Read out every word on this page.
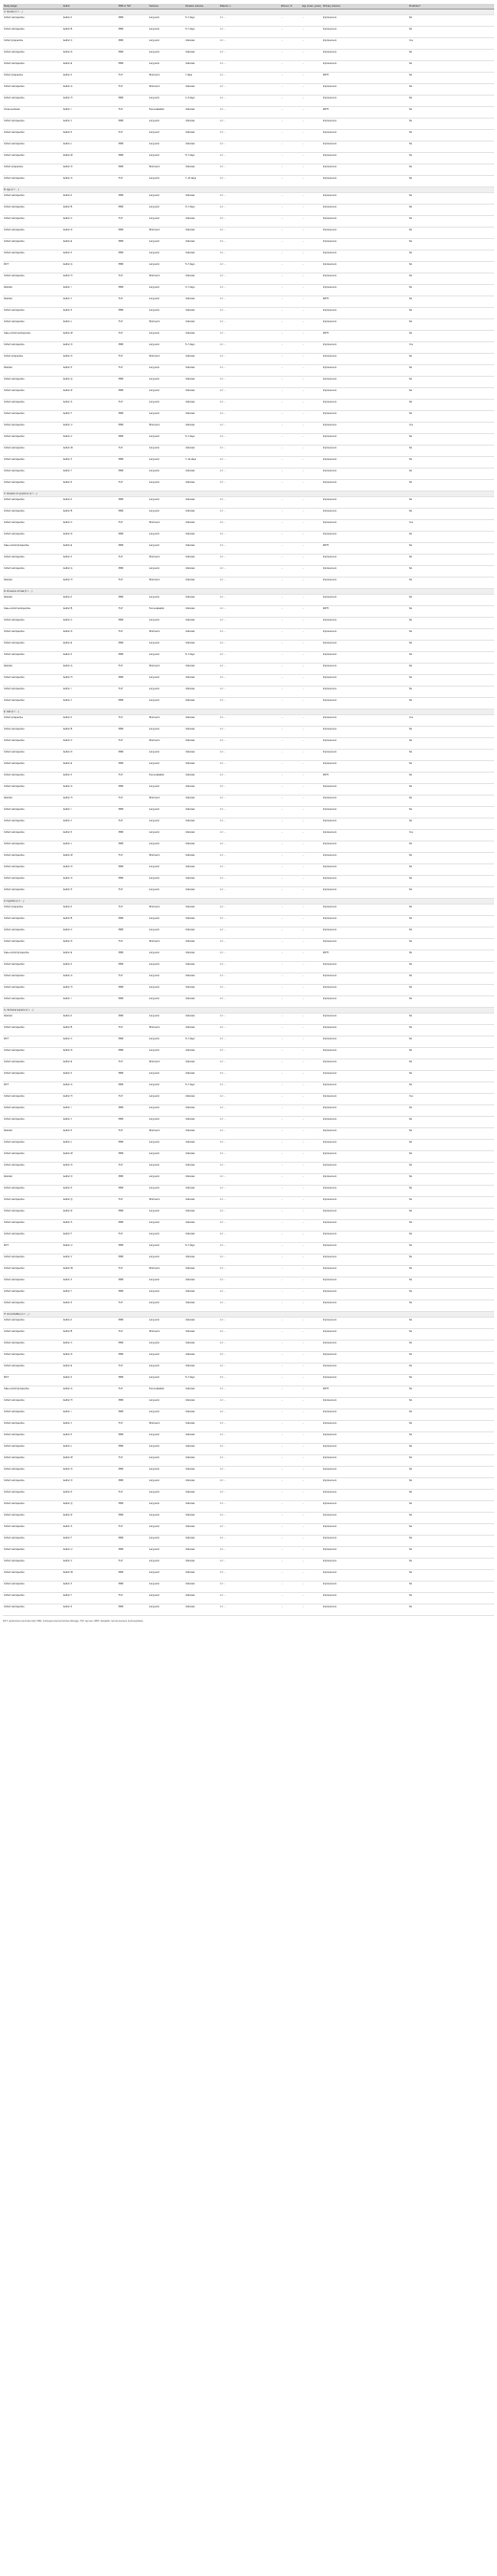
Study design	Author	PRR or TLP	Outcome	Duration outcome	Patients, n	Women, %	Age (mean, years)	Primary outcome	Predictive?
A. Gender (n = …)									
Cohort retrospective	Author A	PRR	Long-term	5–7 days	n = …	…	…	Improvement	No
Cohort retrospective	Author B	PRR	Long-term	5–7 days	n = …	…	…	Improvement	No
Cohort prospective	Author C	PRR	Long-term	Unknown	n = …	…	…	Improvement	Yes
Cohort retrospective	Author D	PRR	Long-term	Unknown	n = …	…	…	Improvement	No
Cohort retrospective	Author E	PRR	Long-term	Unknown	n = …	…	…	Improvement	No
Cohort prospective	Author F	TLP	Short-term	7 days	n = …	…	…	iNPH	No
Cohort retrospective	Author G	TLP	Short-term	Unknown	n = …	…	…	Improvement	No
Cohort retrospective	Author H	PRR	Long-term	1–3 days	n = …	…	…	Improvement	No
Cross-sectional	Author I	TLP	Test evaluation	Unknown	n = …	…	…	iNPH	No
Cohort retrospective	Author J	PRR	Long-term	Unknown	n = …	…	…	Improvement	No
Cohort retrospective	Author K	TLP	Long-term	Unknown	n = …	…	…	Improvement	No
Cohort retrospective	Author L	PRR	Long-term	Unknown	n = …	…	…	Improvement	No
Cohort retrospective	Author M	PRR	Long-term	5–7 days	n = …	…	…	Improvement	No
Cohort prospective	Author N	PRR	Short-term	Unknown	n = …	…	…	Improvement	No
Cohort retrospective	Author O	TLP	Long-term	7–14 days	n = …	…	…	Improvement	No
B. Age (n = …)									
Cohort retrospective	Author A	PRR	Long-term	Unknown	n = …	…	…	Improvement	No
Cohort retrospective	Author B	PRR	Long-term	5–7 days	n = …	…	…	Improvement	No
Cohort retrospective	Author C	TLP	Long-term	Unknown	n = …	…	…	Improvement	No
Cohort retrospective	Author D	PRR	Short-term	Unknown	n = …	…	…	Improvement	No
Cohort retrospective	Author E	PRR	Long-term	Unknown	n = …	…	…	Improvement	No
Cohort retrospective	Author F	PRR	Long-term	Unknown	n = …	…	…	Improvement	No
RCT	Author G	PRR	Long-term	5–7 days	n = …	…	…	Improvement	No
Cohort retrospective	Author H	TLP	Short-term	Unknown	n = …	…	…	Improvement	No
Abstract	Author I	PRR	Long-term	3–7 days	n = …	…	…	Improvement	No
Abstract	Author J	TLP	Long-term	Unknown	n = …	…	…	iNPH	No
Cohort retrospective	Author K	PRR	Long-term	Unknown	n = …	…	…	Improvement	No
Cohort retrospective	Author L	TLP	Short-term	Unknown	n = …	…	…	Improvement	No
Case-control retrospective	Author M	TLP	Long-term	Unknown	n = …	…	…	iNPH	No
Cohort retrospective	Author N	PRR	Long-term	5–7 days	n = …	…	…	Improvement	Yes
Cohort prospective	Author O	TLP	Short-term	Unknown	n = …	…	…	Improvement	No
Abstract	Author P	TLP	Long-term	Unknown	n = …	…	…	Improvement	No
Cohort retrospective	Author Q	PRR	Long-term	Unknown	n = …	…	…	Improvement	No
Cohort retrospective	Author R	PRR	Long-term	Unknown	n = …	…	…	Improvement	No
Cohort retrospective	Author S	TLP	Long-term	Unknown	n = …	…	…	Improvement	No
Cohort retrospective	Author T	PRR	Long-term	Unknown	n = …	…	…	Improvement	No
Cohort retrospective	Author U	PRR	Short-term	Unknown	n = …	…	…	Improvement	Yes
Cohort retrospective	Author V	PRR	Long-term	5–7 days	n = …	…	…	Improvement	No
Cohort retrospective	Author W	TLP	Long-term	Unknown	n = …	…	…	Improvement	No
Cohort retrospective	Author X	PRR	Long-term	7–14 days	n = …	…	…	Improvement	No
Cohort retrospective	Author Y	PRR	Long-term	Unknown	n = …	…	…	Improvement	No
Cohort retrospective	Author Z	TLP	Long-term	Unknown	n = …	…	…	Improvement	No
C. Duration of symptoms (n = …)									
Cohort retrospective	Author A	PRR	Long-term	Unknown	n = …	…	…	Improvement	No
Cohort retrospective	Author B	PRR	Long-term	Unknown	n = …	…	…	Improvement	No
Cohort retrospective	Author C	TLP	Short-term	Unknown	n = …	…	…	Improvement	Yes
Cohort retrospective	Author D	PRR	Long-term	Unknown	n = …	…	…	Improvement	No
Case-control prospective	Author E	PRR	Long-term	Unknown	n = …	…	…	iNPH	No
Cohort retrospective	Author F	TLP	Short-term	Unknown	n = …	…	…	Improvement	No
Cohort retrospective	Author G	PRR	Long-term	Unknown	n = …	…	…	Improvement	No
Abstract	Author H	TLP	Short-term	Unknown	n = …	…	…	Improvement	No
D. Presence of triad (n = …)									
Abstract	Author A	PRR	Long-term	Unknown	n = …	…	…	Improvement	No
Case-control retrospective	Author B	TLP	Test evaluation	Unknown	n = …	…	…	iNPH	No
Cohort retrospective	Author C	PRR	Long-term	Unknown	n = …	…	…	Improvement	No
Cohort retrospective	Author D	TLP	Short-term	Unknown	n = …	…	…	Improvement	No
Cohort retrospective	Author E	PRR	Long-term	Unknown	n = …	…	…	Improvement	No
Cohort retrospective	Author F	PRR	Long-term	5–7 days	n = …	…	…	Improvement	No
Abstract	Author G	TLP	Short-term	Unknown	n = …	…	…	Improvement	No
Cohort retrospective	Author H	PRR	Long-term	Unknown	n = …	…	…	Improvement	No
Cohort retrospective	Author I	TLP	Long-term	Unknown	n = …	…	…	Improvement	No
Cohort retrospective	Author J	PRR	Long-term	Unknown	n = …	…	…	Improvement	No
E. Gait (n = …)									
Cohort prospective	Author A	TLP	Short-term	Unknown	n = …	…	…	Improvement	Yes
Cohort retrospective	Author B	PRR	Long-term	Unknown	n = …	…	…	Improvement	No
Cohort retrospective	Author C	TLP	Short-term	Unknown	n = …	…	…	Improvement	No
Cohort retrospective	Author D	PRR	Long-term	Unknown	n = …	…	…	Improvement	No
Cohort retrospective	Author E	PRR	Long-term	Unknown	n = …	…	…	Improvement	No
Cohort retrospective	Author F	TLP	Test evaluation	Unknown	n = …	…	…	iNPH	No
Cohort retrospective	Author G	PRR	Long-term	Unknown	n = …	…	…	Improvement	No
Abstract	Author H	TLP	Short-term	Unknown	n = …	…	…	Improvement	No
Cohort retrospective	Author I	PRR	Long-term	Unknown	n = …	…	…	Improvement	No
Cohort retrospective	Author J	TLP	Long-term	Unknown	n = …	…	…	Improvement	No
Cohort retrospective	Author K	PRR	Long-term	Unknown	n = …	…	…	Improvement	Yes
Cohort retrospective	Author L	PRR	Long-term	Unknown	n = …	…	…	Improvement	No
Cohort retrospective	Author M	TLP	Short-term	Unknown	n = …	…	…	Improvement	No
Cohort retrospective	Author N	PRR	Long-term	Unknown	n = …	…	…	Improvement	No
Cohort retrospective	Author O	PRR	Long-term	Unknown	n = …	…	…	Improvement	No
Cohort retrospective	Author P	TLP	Long-term	Unknown	n = …	…	…	Improvement	No
F. Cognition (n = …)									
Cohort prospective	Author A	TLP	Short-term	Unknown	n = …	…	…	Improvement	No
Cohort retrospective	Author B	PRR	Long-term	Unknown	n = …	…	…	Improvement	No
Cohort retrospective	Author C	PRR	Long-term	Unknown	n = …	…	…	Improvement	No
Cohort retrospective	Author D	TLP	Short-term	Unknown	n = …	…	…	Improvement	No
Case-control prospective	Author E	PRR	Long-term	Unknown	n = …	…	…	iNPH	No
Cohort retrospective	Author F	PRR	Long-term	Unknown	n = …	…	…	Improvement	No
Cohort retrospective	Author G	TLP	Long-term	Unknown	n = …	…	…	Improvement	No
Cohort retrospective	Author H	PRR	Long-term	Unknown	n = …	…	…	Improvement	No
Cohort retrospective	Author I	PRR	Long-term	Unknown	n = …	…	…	Improvement	No
G. Technical aspects (n = …)									
Abstract	Author A	PRR	Long-term	Unknown	n = …	…	…	Improvement	No
Cohort retrospective	Author B	TLP	Short-term	Unknown	n = …	…	…	Improvement	No
RCT	Author C	PRR	Long-term	5–7 days	n = …	…	…	Improvement	No
Cohort retrospective	Author D	PRR	Long-term	Unknown	n = …	…	…	Improvement	No
Cohort retrospective	Author E	TLP	Short-term	Unknown	n = …	…	…	Improvement	No
Cohort retrospective	Author F	PRR	Long-term	Unknown	n = …	…	…	Improvement	No
RCT	Author G	PRR	Long-term	5–7 days	n = …	…	…	Improvement	No
Cohort retrospective	Author H	TLP	Long-term	Unknown	n = …	…	…	Improvement	Yes
Cohort retrospective	Author I	PRR	Long-term	Unknown	n = …	…	…	Improvement	No
Cohort retrospective	Author J	PRR	Long-term	Unknown	n = …	…	…	Improvement	No
Abstract	Author K	TLP	Short-term	Unknown	n = …	…	…	Improvement	No
Cohort retrospective	Author L	PRR	Long-term	Unknown	n = …	…	…	Improvement	No
Cohort retrospective	Author M	PRR	Long-term	Unknown	n = …	…	…	Improvement	No
Cohort retrospective	Author N	TLP	Long-term	Unknown	n = …	…	…	Improvement	No
Abstract	Author O	PRR	Long-term	Unknown	n = …	…	…	Improvement	No
Cohort retrospective	Author P	PRR	Long-term	Unknown	n = …	…	…	Improvement	No
Cohort retrospective	Author Q	TLP	Short-term	Unknown	n = …	…	…	Improvement	No
Cohort retrospective	Author R	PRR	Long-term	Unknown	n = …	…	…	Improvement	No
Cohort retrospective	Author S	PRR	Long-term	Unknown	n = …	…	…	Improvement	No
Cohort retrospective	Author T	TLP	Long-term	Unknown	n = …	…	…	Improvement	No
RCT	Author U	PRR	Long-term	5–7 days	n = …	…	…	Improvement	No
Cohort retrospective	Author V	PRR	Long-term	Unknown	n = …	…	…	Improvement	No
Cohort retrospective	Author W	TLP	Short-term	Unknown	n = …	…	…	Improvement	No
Cohort retrospective	Author X	PRR	Long-term	Unknown	n = …	…	…	Improvement	No
Cohort retrospective	Author Y	PRR	Long-term	Unknown	n = …	…	…	Improvement	No
Cohort retrospective	Author Z	TLP	Long-term	Unknown	n = …	…	…	Improvement	No
H. Comorbidities (n = …)									
Cohort retrospective	Author A	PRR	Long-term	Unknown	n = …	…	…	Improvement	No
Cohort retrospective	Author B	TLP	Short-term	Unknown	n = …	…	…	Improvement	No
Cohort retrospective	Author C	PRR	Long-term	Unknown	n = …	…	…	Improvement	No
Cohort retrospective	Author D	PRR	Long-term	Unknown	n = …	…	…	Improvement	No
Cohort retrospective	Author E	TLP	Long-term	Unknown	n = …	…	…	Improvement	No
RCT	Author F	PRR	Long-term	5–7 days	n = …	…	…	Improvement	No
Case-control prospective	Author G	TLP	Test evaluation	Unknown	n = …	…	…	iNPH	No
Cohort retrospective	Author H	PRR	Long-term	Unknown	n = …	…	…	Improvement	No
Cohort retrospective	Author I	PRR	Long-term	Unknown	n = …	…	…	Improvement	No
Cohort retrospective	Author J	TLP	Short-term	Unknown	n = …	…	…	Improvement	No
Cohort retrospective	Author K	PRR	Long-term	Unknown	n = …	…	…	Improvement	No
Cohort retrospective	Author L	PRR	Long-term	Unknown	n = …	…	…	Improvement	No
Cohort retrospective	Author M	TLP	Long-term	Unknown	n = …	…	…	Improvement	No
Cohort retrospective	Author N	PRR	Long-term	Unknown	n = …	…	…	Improvement	No
Cohort retrospective	Author O	PRR	Long-term	Unknown	n = …	…	…	Improvement	No
Cohort retrospective	Author P	TLP	Long-term	Unknown	n = …	…	…	Improvement	No
Cohort retrospective	Author Q	PRR	Long-term	Unknown	n = …	…	…	Improvement	No
Cohort retrospective	Author R	PRR	Long-term	Unknown	n = …	…	…	Improvement	No
Cohort retrospective	Author S	TLP	Long-term	Unknown	n = …	…	…	Improvement	No
Cohort retrospective	Author T	PRR	Long-term	Unknown	n = …	…	…	Improvement	No
Cohort retrospective	Author U	PRR	Long-term	Unknown	n = …	…	…	Improvement	No
Cohort retrospective	Author V	TLP	Long-term	Unknown	n = …	…	…	Improvement	No
Cohort retrospective	Author W	PRR	Long-term	Unknown	n = …	…	…	Improvement	No
Cohort retrospective	Author X	PRR	Long-term	Unknown	n = …	…	…	Improvement	No
Cohort retrospective	Author Y	TLP	Long-term	Unknown	n = …	…	…	Improvement	No
Cohort retrospective	Author Z	PRR	Long-term	Unknown	n = …	…	…	Improvement	No
RCT, randomized controlled trial; PRR, prolonged external lumbar drainage; TLP, tap test; iNPH, idiopathic normal pressure hydrocephalus.
